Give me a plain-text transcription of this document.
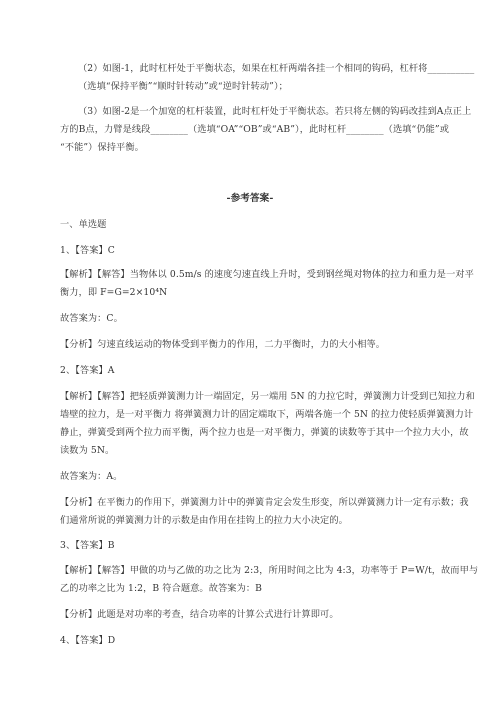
（2）如图-1，此时杠杆处于平衡状态，如果在杠杆两端各挂一个相同的钩码，杠杆将__________
（选填“保持平衡”“顺时针转动”或“逆时针转动”）；
（3）如图-2是一个加宽的杠杆装置，此时杠杆处于平衡状态。若只将左侧的钩码改挂到A点正上
方的B点，力臂是线段________（选填“OA”“OB”或“AB”），此时杠杆________（选填“仍能”或
“不能”）保持平衡。
-参考答案-
一、单选题
1、【答案】C
【解析】【解答】当物体以 0.5m/s 的速度匀速直线上升时，受到钢丝绳对物体的拉力和重力是一对平
衡力，即 F=G=2×10⁴N
故答案为：C。
【分析】匀速直线运动的物体受到平衡力的作用，二力平衡时，力的大小相等。
2、【答案】A
【解析】【解答】把轻质弹簧测力计一端固定，另一端用 5N 的力拉它时，弹簧测力计受到已知拉力和
墙壁的拉力，是一对平衡力 将弹簧测力计的固定端取下，两端各施一个 5N 的拉力使轻质弹簧测力计
静止，弹簧受到两个拉力而平衡，两个拉力也是一对平衡力，弹簧的读数等于其中一个拉力大小，故
读数为 5N。
故答案为：A。
【分析】在平衡力的作用下，弹簧测力计中的弹簧肯定会发生形变，所以弹簧测力计一定有示数；我
们通常所说的弹簧测力计的示数是由作用在挂钩上的拉力大小决定的。
3、【答案】B
【解析】【解答】甲做的功与乙做的功之比为 2:3，所用时间之比为 4:3，功率等于 P=W/t，故而甲与
乙的功率之比为 1:2，B 符合题意。故答案为：B
【分析】此题是对功率的考查，结合功率的计算公式进行计算即可。
4、【答案】D
